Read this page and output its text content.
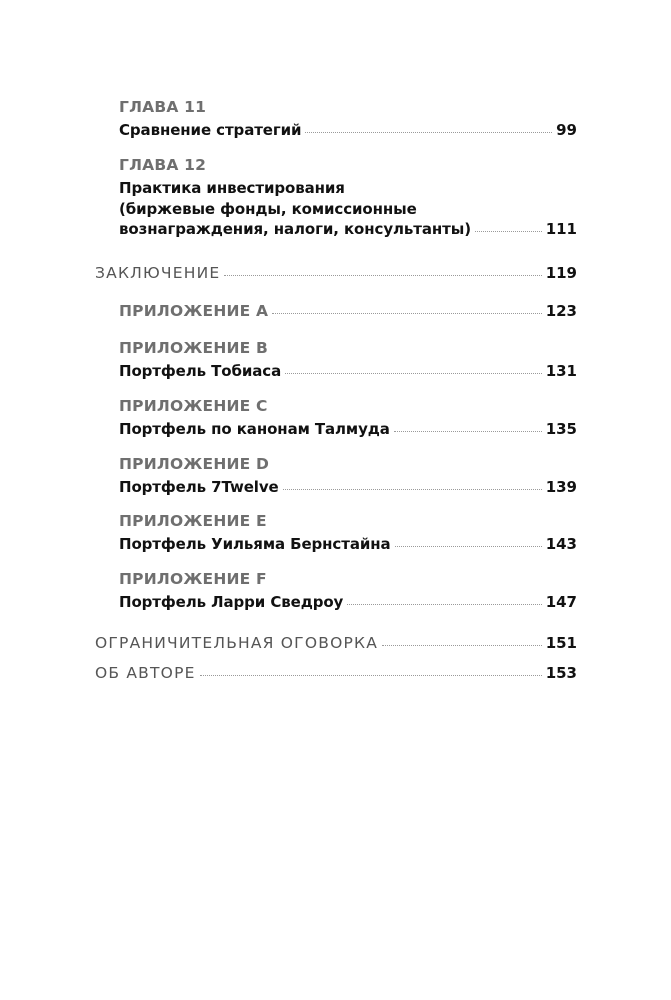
ГЛАВА 11
Сравнение стратегий	99
ГЛАВА 12
Практика инвестирования
(биржевые фонды, комиссионные
вознаграждения, налоги, консультанты)	111
ЗАКЛЮЧЕНИЕ	119
ПРИЛОЖЕНИЕ A	123
ПРИЛОЖЕНИЕ B
Портфель Тобиаса	131
ПРИЛОЖЕНИЕ C
Портфель по канонам Талмуда	135
ПРИЛОЖЕНИЕ D
Портфель 7Twelve	139
ПРИЛОЖЕНИЕ E
Портфель Уильяма Бернстайна	143
ПРИЛОЖЕНИЕ F
Портфель Ларри Сведроу	147
ОГРАНИЧИТЕЛЬНАЯ ОГОВОРКА	151
ОБ АВТОРЕ	153
